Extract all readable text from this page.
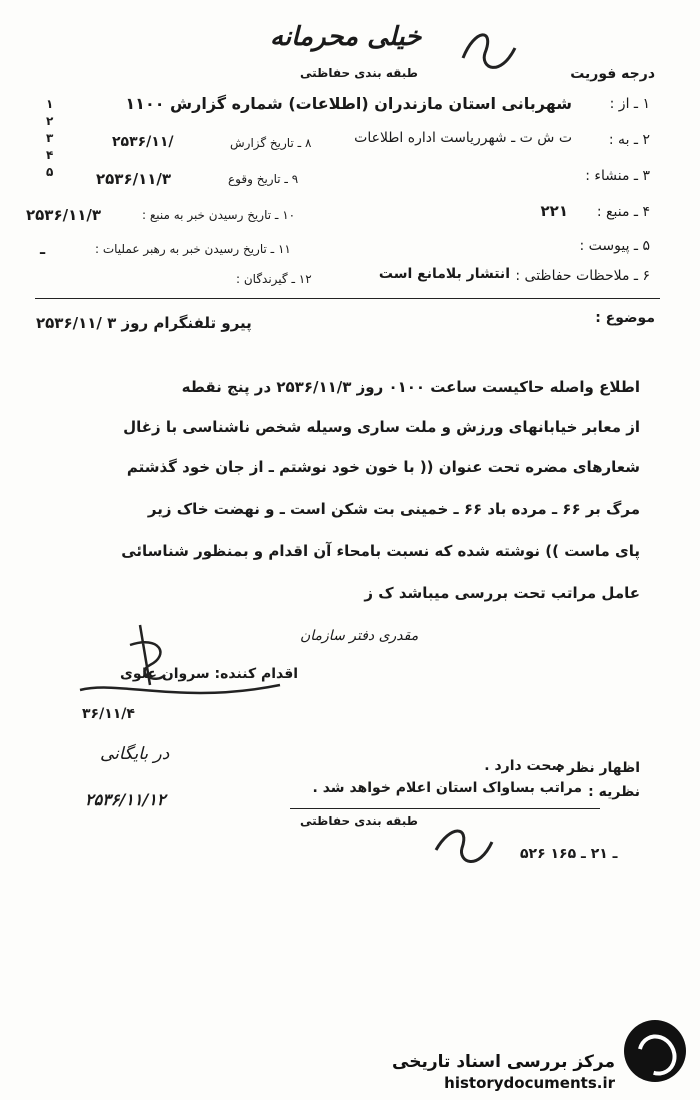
خیلی محرمانه
طبقه بندی حفاظتی	درجه فوریت
۱ ـ از :
شهربانی استان مازندران (اطلاعات) شماره گزارش ۱۱۰۰
۲ ـ به :
ت ش ت ـ شهرریاست اداره اطلاعات
۳ ـ منشاء :
۴ ـ منبع :
۲۲۱
۵ ـ پیوست :
۶ ـ ملاحظات حفاظتی :
انتشار بلامانع است
۸ ـ تاریخ گزارش
۲۵۳۶/۱۱/
۹ ـ تاریخ وقوع
۲۵۳۶/۱۱/۳
۱۰ ـ تاریخ رسیدن خبر به منبع :
۲۵۳۶/۱۱/۳
۱۱ ـ تاریخ رسیدن خبر به رهبر عملیات :
ـ
۱۲ ـ گیرندگان :
۱
۲
۳
۴
۵
موضوع :
پیرو تلفنگرام روز ۳ /۲۵۳۶/۱۱
اطلاع واصله حاکیست ساعت ۰۱۰۰ روز ۲۵۳۶/۱۱/۳ در پنج نقطه
از معابر خیابانهای ورزش و ملت ساری وسیله شخص ناشناسی با زغال
شعارهای مضره تحت عنوان (( با خون خود نوشتم ـ از جان خود گذشتم
مرگ بر ۶۶ ـ مرده باد ۶۶ ـ خمینی بت شکن است ـ و نهضت خاک زیر
پای ماست )) نوشته شده که نسبت بامحاء آن اقدام و بمنظور شناسائی
عامل مراتب تحت بررسی میباشد ک ز
مقدری دفتر سازمان
اقدام کننده: سروان علوی
۳۶/۱۱/۴
اظهار نظر :
صحت دارد .
نظریه :
مراتب بساواک استان اعلام خواهد شد .
طبقه بندی حفاظتی
۵۲۶ ـ ۲۱ ـ ۱۶۵
در بایگانی
۲۵۳۶/۱۱/۱۲
مرکز بررسی اسناد تاریخی
historydocuments.ir
